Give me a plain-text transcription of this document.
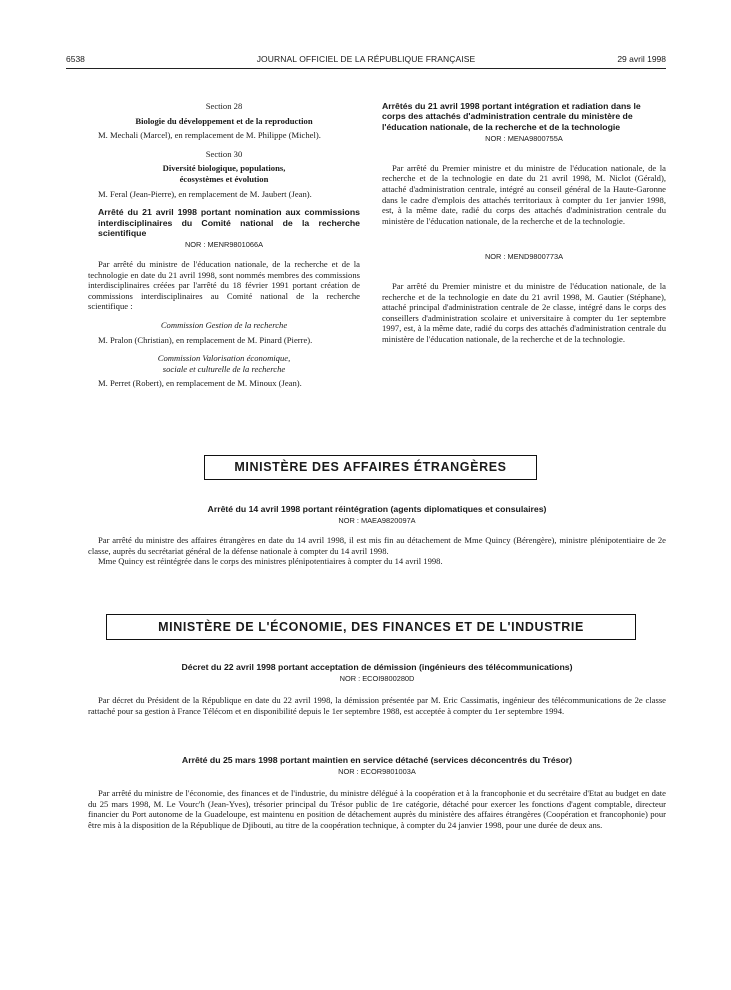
6538	JOURNAL OFFICIEL DE LA RÉPUBLIQUE FRANÇAISE	29 avril 1998

Section 28

Biologie du développement et de la reproduction

M. Mechali (Marcel), en remplacement de M. Philippe (Michel).

Section 30

Diversité biologique, populations, écosystèmes et évolution

M. Feral (Jean-Pierre), en remplacement de M. Jaubert (Jean).

Arrêté du 21 avril 1998 portant nomination aux commissions interdisciplinaires du Comité national de la recherche scientifique

NOR : MENR9801066A

Par arrêté du ministre de l'éducation nationale, de la recherche et de la technologie en date du 21 avril 1998, sont nommés membres des commissions interdisciplinaires créées par l'arrêté du 18 février 1991 portant création de commissions interdisciplinaires au Comité national de la recherche scientifique :

Commission Gestion de la recherche

M. Pralon (Christian), en remplacement de M. Pinard (Pierre).

Commission Valorisation économique, sociale et culturelle de la recherche

M. Perret (Robert), en remplacement de M. Minoux (Jean).

Arrêtés du 21 avril 1998 portant intégration et radiation dans le corps des attachés d'administration centrale du ministère de l'éducation nationale, de la recherche et de la technologie

NOR : MENA9800755A

Par arrêté du Premier ministre et du ministre de l'éducation nationale, de la recherche et de la technologie en date du 21 avril 1998, M. Niclot (Gérald), attaché d'administration centrale, intégré au conseil général de la Haute-Garonne dans le cadre d'emplois des attachés territoriaux à compter du 1er janvier 1998, est, à la même date, radié du corps des attachés d'administration centrale du ministère de l'éducation nationale, de la recherche et de la technologie.

NOR : MEND9800773A

Par arrêté du Premier ministre et du ministre de l'éducation nationale, de la recherche et de la technologie en date du 21 avril 1998, M. Gautier (Stéphane), attaché principal d'administration centrale de 2e classe, intégré dans le corps des conseillers d'administration scolaire et universitaire à compter du 1er septembre 1997, est, à la même date, radié du corps des attachés d'administration centrale du ministère de l'éducation nationale, de la recherche et de la technologie.

MINISTÈRE DES AFFAIRES ÉTRANGÈRES

Arrêté du 14 avril 1998 portant réintégration (agents diplomatiques et consulaires)

NOR : MAEA9820097A

Par arrêté du ministre des affaires étrangères en date du 14 avril 1998, il est mis fin au détachement de Mme Quincy (Bérengère), ministre plénipotentiaire de 2e classe, auprès du secrétariat général de la défense nationale à compter du 14 avril 1998.

Mme Quincy est réintégrée dans le corps des ministres plénipotentiaires à compter du 14 avril 1998.

MINISTÈRE DE L'ÉCONOMIE, DES FINANCES ET DE L'INDUSTRIE

Décret du 22 avril 1998 portant acceptation de démission (ingénieurs des télécommunications)

NOR : ECOI9800280D

Par décret du Président de la République en date du 22 avril 1998, la démission présentée par M. Eric Cassimatis, ingénieur des télécommunications de 2e classe rattaché pour sa gestion à France Télécom et en disponibilité depuis le 1er septembre 1988, est acceptée à compter du 1er septembre 1994.

Arrêté du 25 mars 1998 portant maintien en service détaché (services déconcentrés du Trésor)

NOR : ECOR9801003A

Par arrêté du ministre de l'économie, des finances et de l'industrie, du ministre délégué à la coopération et à la francophonie et du secrétaire d'Etat au budget en date du 25 mars 1998, M. Le Vourc'h (Jean-Yves), trésorier principal du Trésor public de 1re catégorie, détaché pour exercer les fonctions d'agent comptable, directeur financier du Port autonome de la Guadeloupe, est maintenu en position de détachement auprès du ministère des affaires étrangères (Coopération et francophonie) pour être mis à la disposition de la République de Djibouti, au titre de la coopération technique, à compter du 24 janvier 1998, pour une durée de deux ans.
